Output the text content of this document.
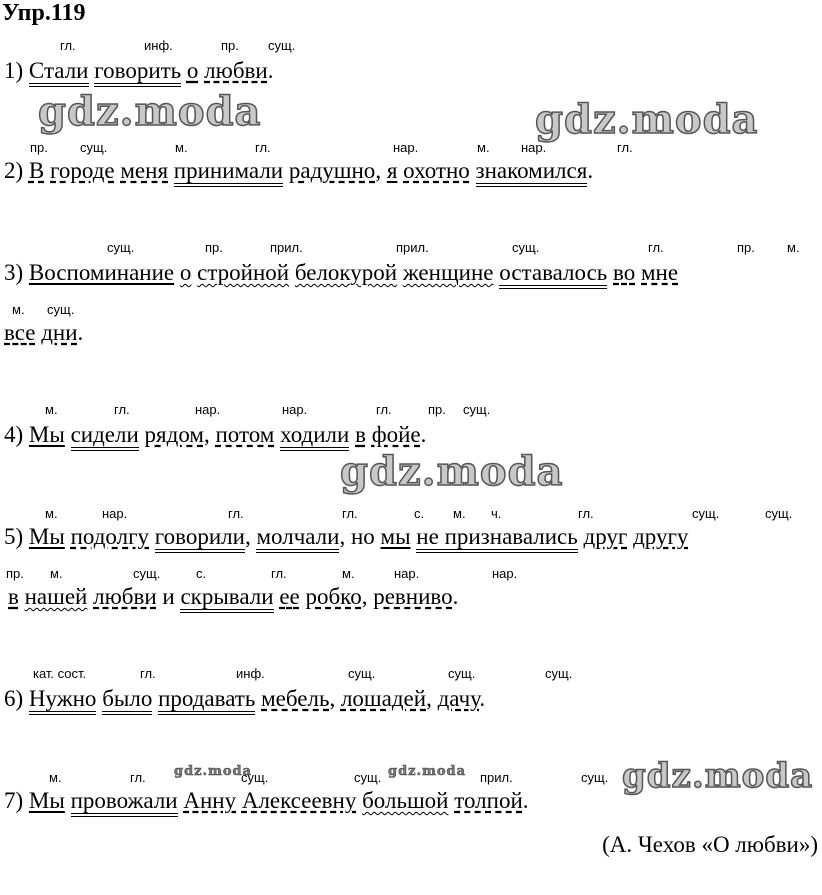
Упр.119
гл.	инф.	пр. сущ.
1) Стали говорить о любви.
gdz.moda	gdz.moda
пр. сущ.	м.	гл.	нар.	м. нар.	гл.
2) В городе меня принимали радушно, я охотно знакомился.
сущ.	пр.	прил.	прил.	сущ.	гл.	пр. м.
3) Воспоминание о стройной белокурой женщине оставалось во мне
м. сущ.
все дни.
м.	гл.	нар.	нар.	гл.	пр. сущ.
4) Мы сидели рядом, потом ходили в фойе.
gdz.moda
м.	нар.	гл.	гл.	с. м. ч.	гл.	сущ.	сущ.
5) Мы подолгу говорили, молчали, но мы не признавались друг другу
пр. м.	сущ.	с.	гл.	м.	нар.	нар.
в нашей любви и скрывали ее робко, ревниво.
кат. сост.	гл.	инф.	сущ.	сущ.	сущ.
6) Нужно было продавать мебель, лошадей, дачу.
м.	гл.	сущ.	сущ.	прил.	сущ.
gdz.moda	gdz.moda	gdz.moda
7) Мы провожали Анну Алексеевну большой толпой.
(А. Чехов «О любви»)
